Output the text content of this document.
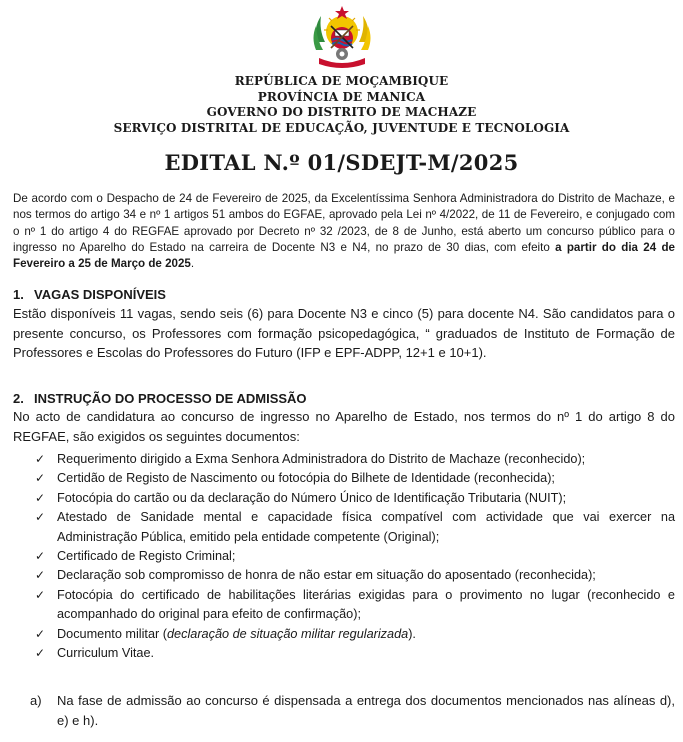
REPÚBLICA DE MOÇAMBIQUE
PROVÍNCIA DE MANICA
GOVERNO DO DISTRITO DE MACHAZE
SERVIÇO DISTRITAL DE EDUCAÇÃO, JUVENTUDE E TECNOLOGIA
EDITAL N.º 01/SDEJT-M/2025
De acordo com o Despacho de 24 de Fevereiro de 2025, da Excelentíssima Senhora Administradora do Distrito de Machaze, e nos termos do artigo 34 e nº 1 artigos 51 ambos do EGFAE, aprovado pela Lei nº 4/2022, de 11 de Fevereiro, e conjugado com o nº 1 do artigo 4 do REGFAE aprovado por Decreto nº 32 /2023, de 8 de Junho, está aberto um concurso público para o ingresso no Aparelho do Estado na carreira de Docente N3 e N4, no prazo de 30 dias, com efeito a partir do dia 24 de Fevereiro a 25 de Março de 2025.
1. VAGAS DISPONÍVEIS
Estão disponíveis 11 vagas, sendo seis (6) para Docente N3 e cinco (5) para docente N4. São candidatos para o presente concurso, os Professores com formação psicopedagógica, “ graduados de Instituto de Formação de Professores e Escolas do Professores do Futuro (IFP e EPF-ADPP, 12+1 e 10+1).
2. INSTRUÇÃO DO PROCESSO DE ADMISSÃO
No acto de candidatura ao concurso de ingresso no Aparelho de Estado, nos termos do nº 1 do artigo 8 do REGFAE, são exigidos os seguintes documentos:
✓ Requerimento dirigido a Exma Senhora Administradora do Distrito de Machaze (reconhecido);
✓ Certidão de Registo de Nascimento ou fotocópia do Bilhete de Identidade (reconhecida);
✓ Fotocópia do cartão ou da declaração do Número Único de Identificação Tributaria (NUIT);
✓ Atestado de Sanidade mental e capacidade física compatível com actividade que vai exercer na Administração Pública, emitido pela entidade competente (Original);
✓ Certificado de Registo Criminal;
✓ Declaração sob compromisso de honra de não estar em situação do aposentado (reconhecida);
✓ Fotocópia do certificado de habilitações literárias exigidas para o provimento no lugar (reconhecido e acompanhado do original para efeito de confirmação);
✓ Documento militar (declaração de situação militar regularizada).
✓ Curriculum Vitae.
a) Na fase de admissão ao concurso é dispensada a entrega dos documentos mencionados nas alíneas d), e) e h).
